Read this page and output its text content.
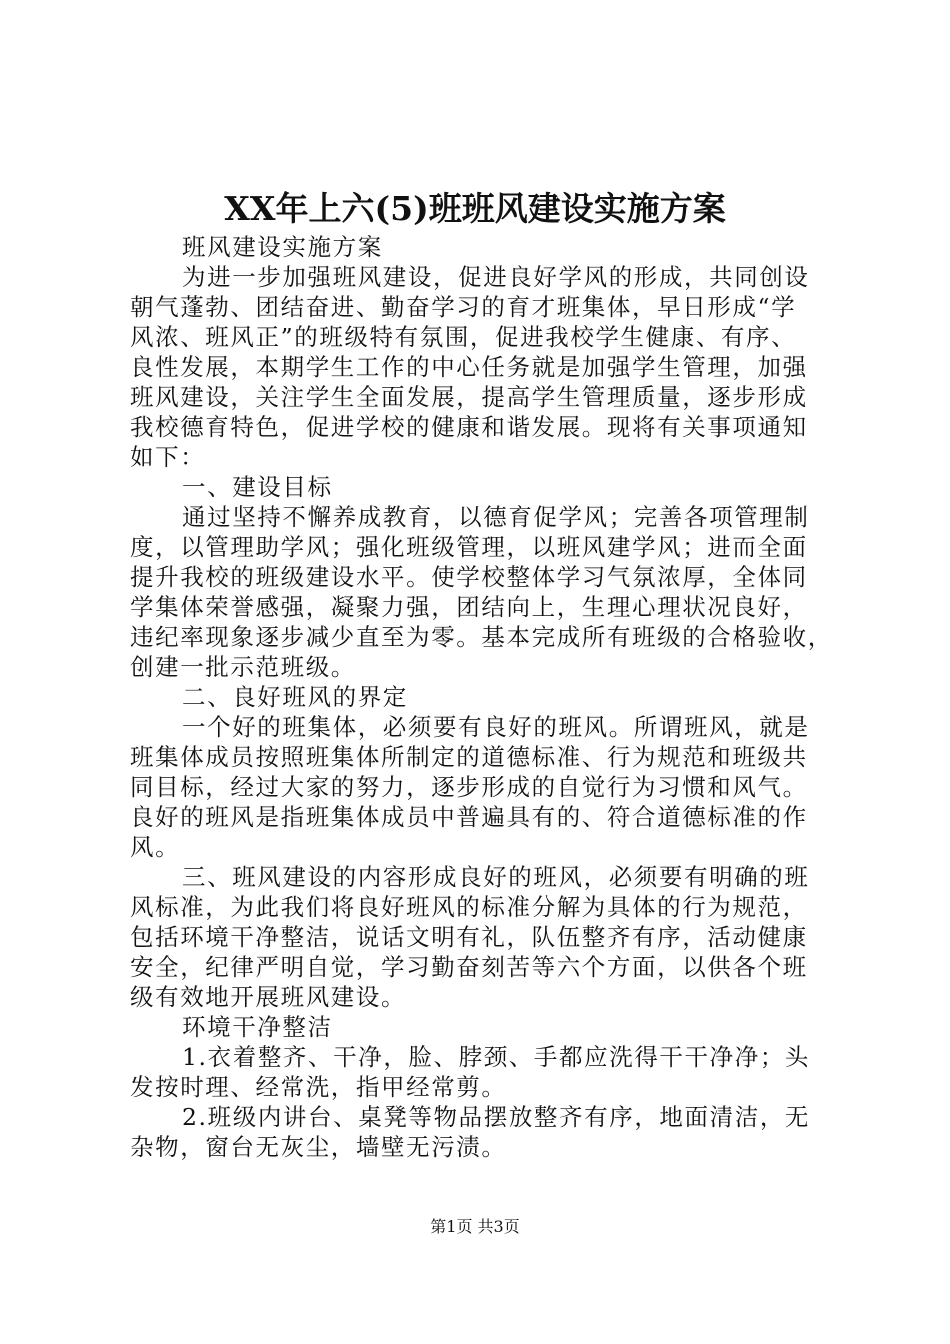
XX年上六(5)班班风建设实施方案
班风建设实施方案
为进一步加强班风建设，促进良好学风的形成，共同创设
朝气蓬勃、团结奋进、勤奋学习的育才班集体，早日形成“学
风浓、班风正”的班级特有氛围，促进我校学生健康、有序、
良性发展，本期学生工作的中心任务就是加强学生管理，加强
班风建设，关注学生全面发展，提高学生管理质量，逐步形成
我校德育特色，促进学校的健康和谐发展。现将有关事项通知
如下：
一、建设目标
通过坚持不懈养成教育，以德育促学风；完善各项管理制
度，以管理助学风；强化班级管理，以班风建学风；进而全面
提升我校的班级建设水平。使学校整体学习气氛浓厚，全体同
学集体荣誉感强，凝聚力强，团结向上，生理心理状况良好，
违纪率现象逐步减少直至为零。基本完成所有班级的合格验收，
创建一批示范班级。
二、良好班风的界定
一个好的班集体，必须要有良好的班风。所谓班风，就是
班集体成员按照班集体所制定的道德标准、行为规范和班级共
同目标，经过大家的努力，逐步形成的自觉行为习惯和风气。
良好的班风是指班集体成员中普遍具有的、符合道德标准的作
风。
三、班风建设的内容形成良好的班风，必须要有明确的班
风标准，为此我们将良好班风的标准分解为具体的行为规范，
包括环境干净整洁，说话文明有礼，队伍整齐有序，活动健康
安全，纪律严明自觉，学习勤奋刻苦等六个方面，以供各个班
级有效地开展班风建设。
环境干净整洁
1.衣着整齐、干净，脸、脖颈、手都应洗得干干净净；头
发按时理、经常洗，指甲经常剪。
2.班级内讲台、桌凳等物品摆放整齐有序，地面清洁，无
杂物，窗台无灰尘，墙壁无污渍。
第1页 共3页
